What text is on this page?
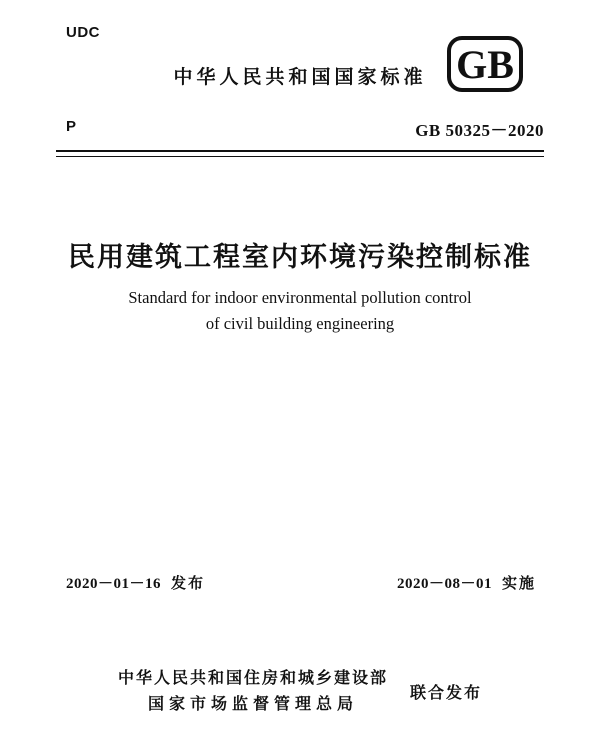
UDC
中华人民共和国国家标准 GB
P	GB 50325－2020
民用建筑工程室内环境污染控制标准
Standard for indoor environmental pollution control
of civil building engineering
2020－01－16 发布	2020－08－01 实施
中华人民共和国住房和城乡建设部
国家市场监督管理总局
联合发布
